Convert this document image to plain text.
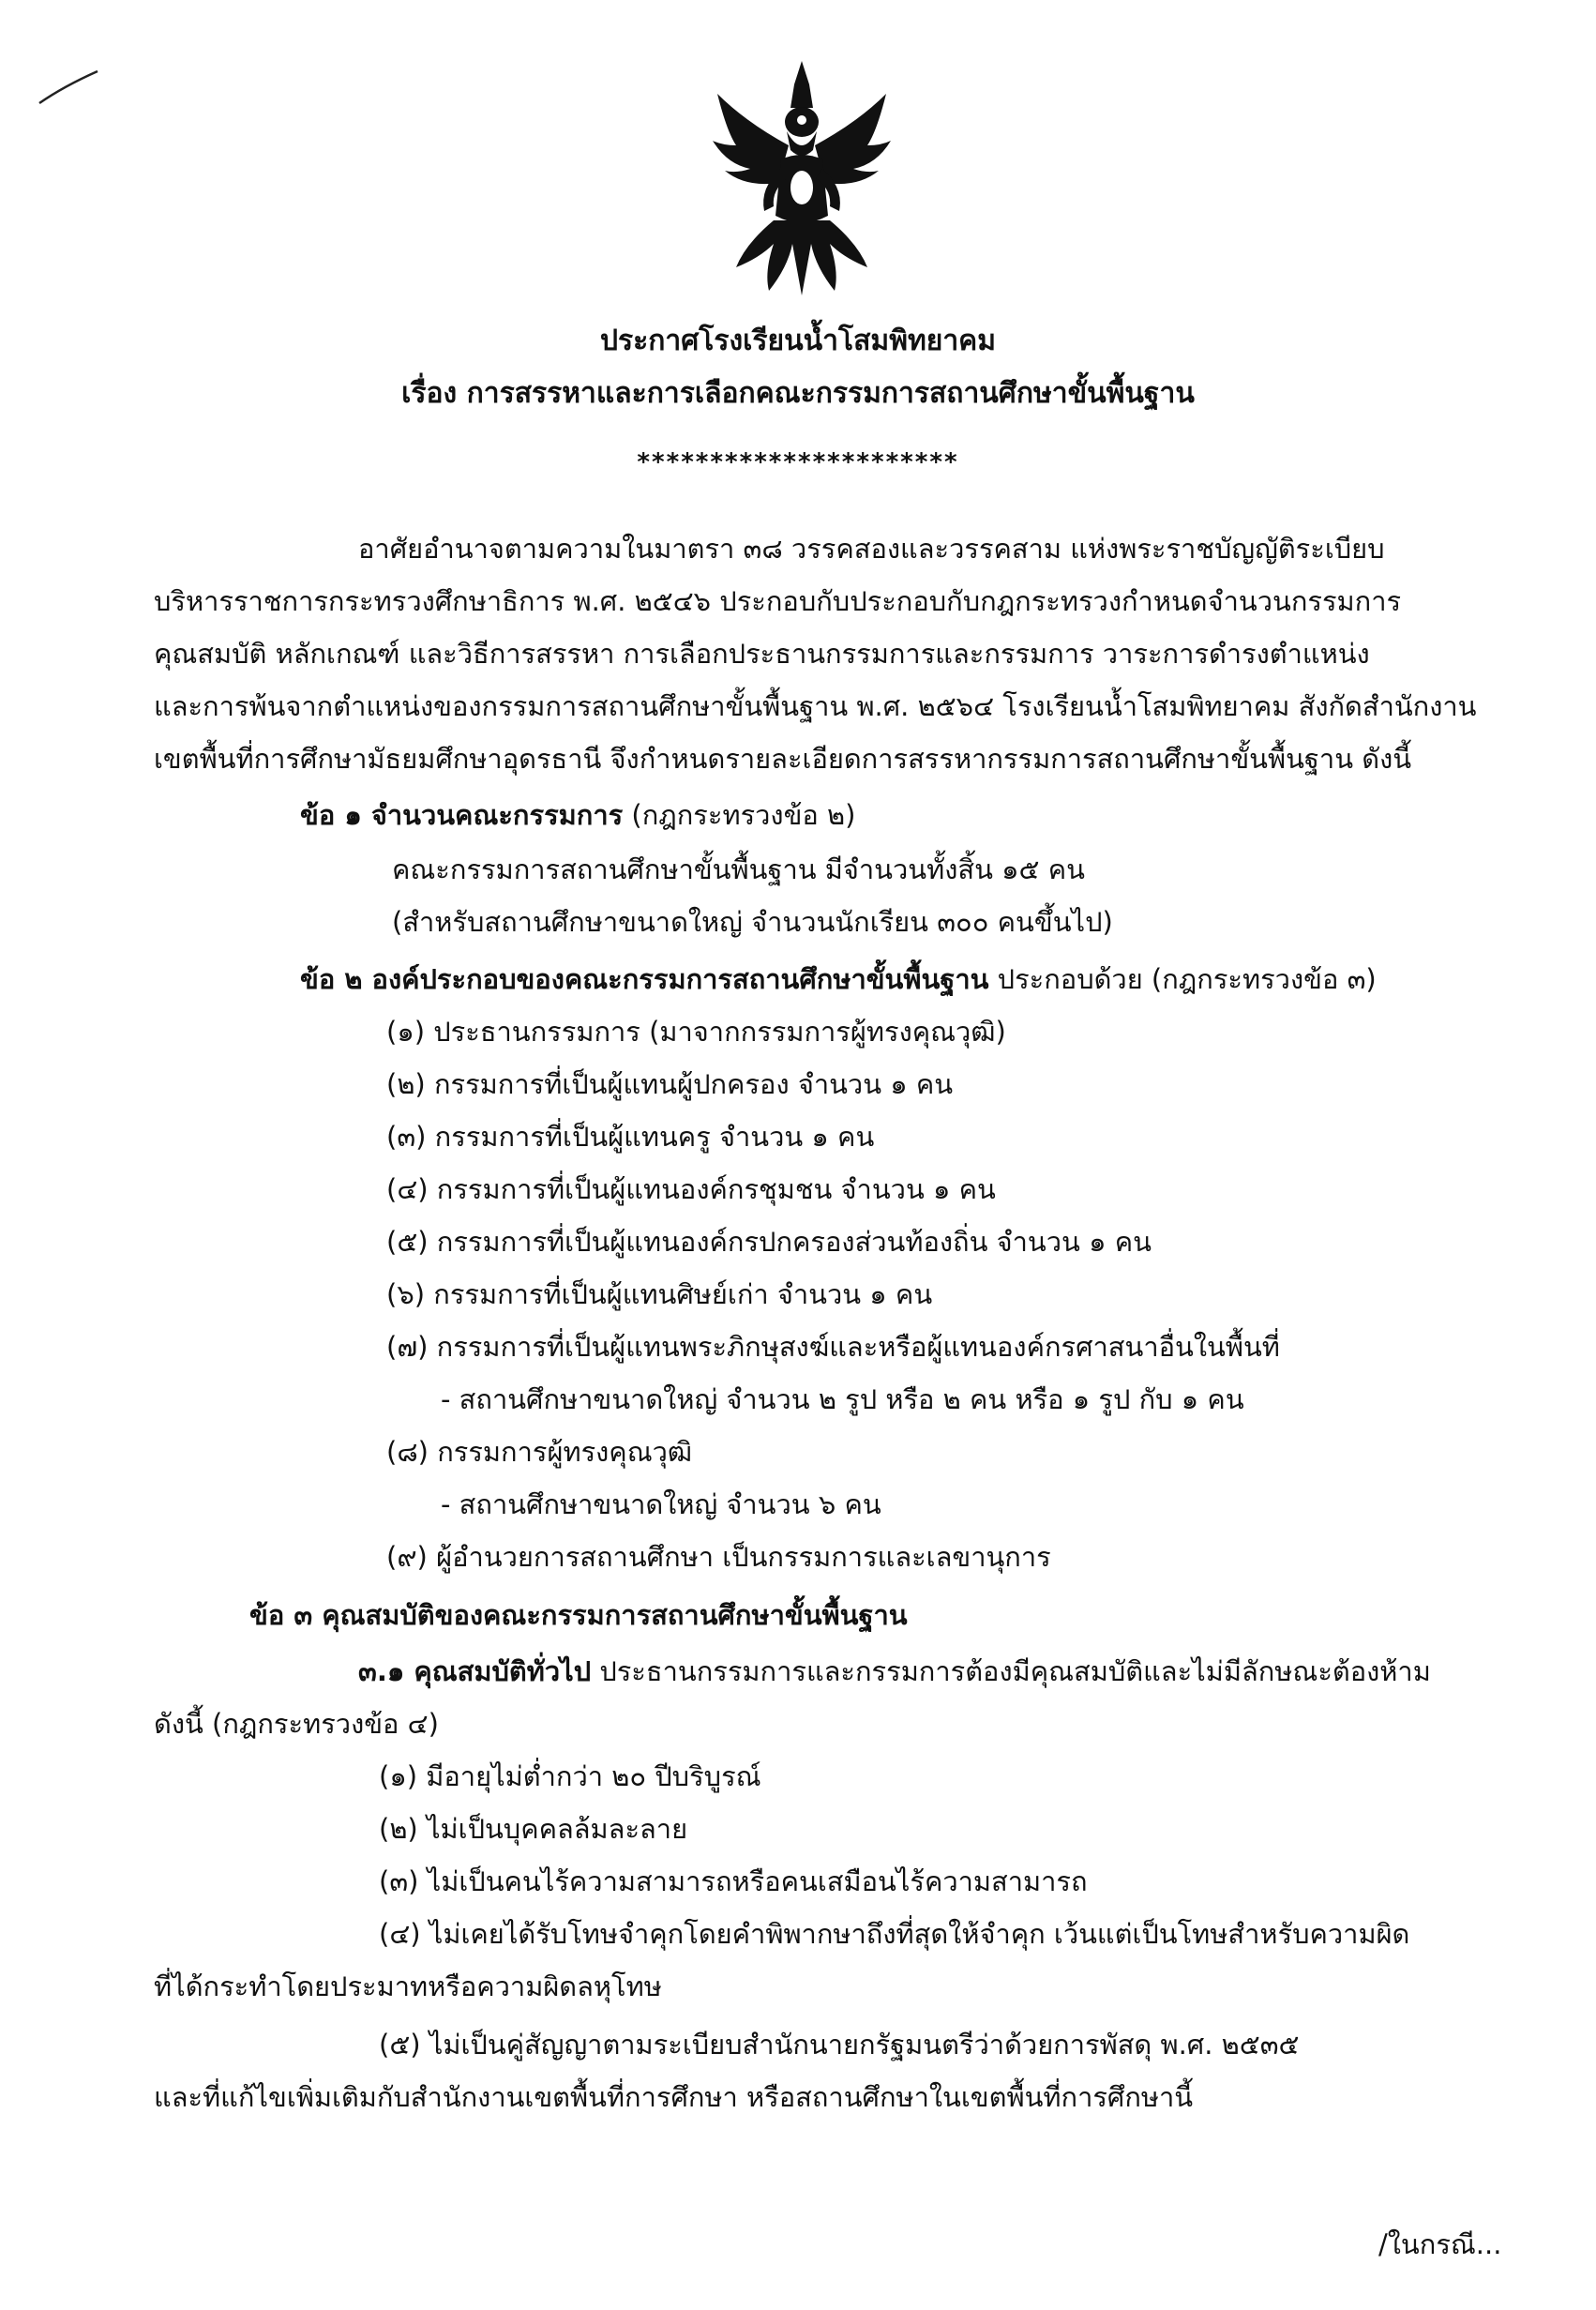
ประกาศโรงเรียนน้ำโสมพิทยาคม
เรื่อง การสรรหาและการเลือกคณะกรรมการสถานศึกษาขั้นพื้นฐาน
**********************
อาศัยอำนาจตามความในมาตรา ๓๘ วรรคสองและวรรคสาม แห่งพระราชบัญญัติระเบียบ
บริหารราชการกระทรวงศึกษาธิการ พ.ศ. ๒๕๔๖ ประกอบกับประกอบกับกฎกระทรวงกำหนดจำนวนกรรมการ
คุณสมบัติ หลักเกณฑ์ และวิธีการสรรหา การเลือกประธานกรรมการและกรรมการ วาระการดำรงตำแหน่ง
และการพ้นจากตำแหน่งของกรรมการสถานศึกษาขั้นพื้นฐาน พ.ศ. ๒๕๖๔ โรงเรียนน้ำโสมพิทยาคม สังกัดสำนักงาน
เขตพื้นที่การศึกษามัธยมศึกษาอุดรธานี จึงกำหนดรายละเอียดการสรรหากรรมการสถานศึกษาขั้นพื้นฐาน ดังนี้
ข้อ ๑ จำนวนคณะกรรมการ (กฎกระทรวงข้อ ๒)
คณะกรรมการสถานศึกษาขั้นพื้นฐาน มีจำนวนทั้งสิ้น ๑๕ คน
(สำหรับสถานศึกษาขนาดใหญ่ จำนวนนักเรียน ๓๐๐ คนขึ้นไป)
ข้อ ๒ องค์ประกอบของคณะกรรมการสถานศึกษาขั้นพื้นฐาน ประกอบด้วย (กฎกระทรวงข้อ ๓)
(๑) ประธานกรรมการ (มาจากกรรมการผู้ทรงคุณวุฒิ)
(๒) กรรมการที่เป็นผู้แทนผู้ปกครอง จำนวน ๑ คน
(๓) กรรมการที่เป็นผู้แทนครู จำนวน ๑ คน
(๔) กรรมการที่เป็นผู้แทนองค์กรชุมชน จำนวน ๑ คน
(๕) กรรมการที่เป็นผู้แทนองค์กรปกครองส่วนท้องถิ่น จำนวน ๑ คน
(๖) กรรมการที่เป็นผู้แทนศิษย์เก่า จำนวน ๑ คน
(๗) กรรมการที่เป็นผู้แทนพระภิกษุสงฆ์และหรือผู้แทนองค์กรศาสนาอื่นในพื้นที่
- สถานศึกษาขนาดใหญ่ จำนวน ๒ รูป หรือ ๒ คน หรือ ๑ รูป กับ ๑ คน
(๘) กรรมการผู้ทรงคุณวุฒิ
- สถานศึกษาขนาดใหญ่ จำนวน ๖ คน
(๙) ผู้อำนวยการสถานศึกษา เป็นกรรมการและเลขานุการ
ข้อ ๓ คุณสมบัติของคณะกรรมการสถานศึกษาขั้นพื้นฐาน
๓.๑ คุณสมบัติทั่วไป ประธานกรรมการและกรรมการต้องมีคุณสมบัติและไม่มีลักษณะต้องห้าม
ดังนี้ (กฎกระทรวงข้อ ๔)
(๑) มีอายุไม่ต่ำกว่า ๒๐ ปีบริบูรณ์
(๒) ไม่เป็นบุคคลล้มละลาย
(๓) ไม่เป็นคนไร้ความสามารถหรือคนเสมือนไร้ความสามารถ
(๔) ไม่เคยได้รับโทษจำคุกโดยคำพิพากษาถึงที่สุดให้จำคุก เว้นแต่เป็นโทษสำหรับความผิด
ที่ได้กระทำโดยประมาทหรือความผิดลหุโทษ
(๕) ไม่เป็นคู่สัญญาตามระเบียบสำนักนายกรัฐมนตรีว่าด้วยการพัสดุ พ.ศ. ๒๕๓๕
และที่แก้ไขเพิ่มเติมกับสำนักงานเขตพื้นที่การศึกษา หรือสถานศึกษาในเขตพื้นที่การศึกษานี้
/ในกรณี...
